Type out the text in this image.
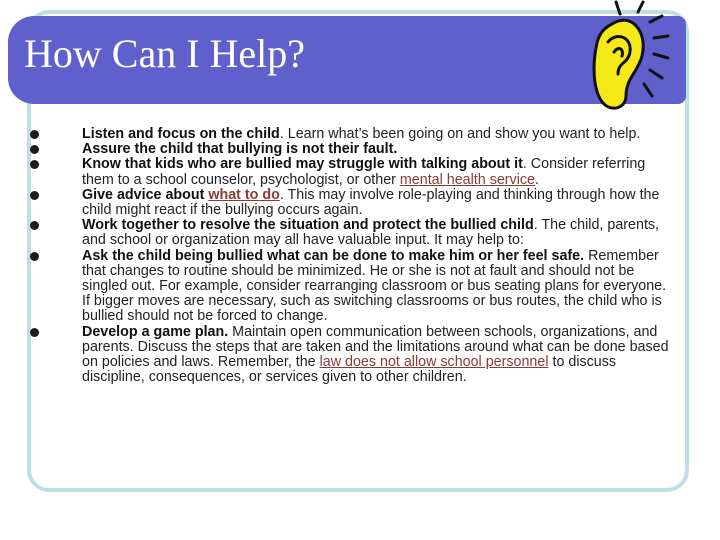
How Can I Help?

Listen and focus on the child. Learn what’s been going on and show you want to help.

Assure the child that bullying is not their fault.

Know that kids who are bullied may struggle with talking about it. Consider referring them to a school counselor, psychologist, or other mental health service.

Give advice about what to do. This may involve role-playing and thinking through how the child might react if the bullying occurs again.

Work together to resolve the situation and protect the bullied child. The child, parents, and school or organization may all have valuable input. It may help to:

Ask the child being bullied what can be done to make him or her feel safe. Remember that changes to routine should be minimized. He or she is not at fault and should not be singled out. For example, consider rearranging classroom or bus seating plans for everyone. If bigger moves are necessary, such as switching classrooms or bus routes, the child who is bullied should not be forced to change.

Develop a game plan. Maintain open communication between schools, organizations, and parents. Discuss the steps that are taken and the limitations around what can be done based on policies and laws. Remember, the law does not allow school personnel to discuss discipline, consequences, or services given to other children.
